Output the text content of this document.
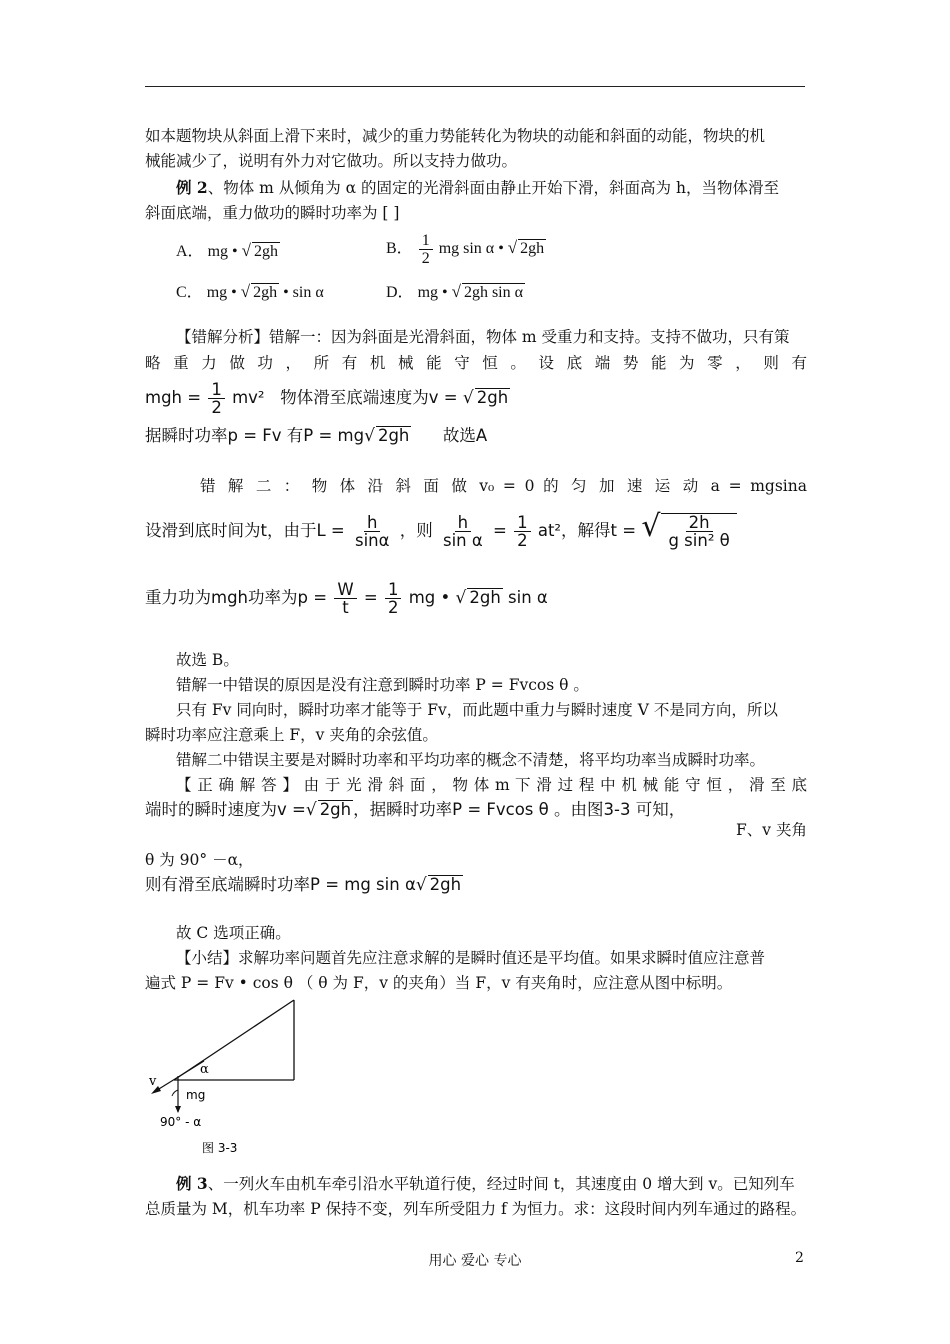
如本题物块从斜面上滑下来时，减少的重力势能转化为物块的动能和斜面的动能，物块的机
械能减少了，说明有外力对它做功。所以支持力做功。
例 2、物体 m 从倾角为 α 的固定的光滑斜面由静止开始下滑，斜面高为 h，当物体滑至
斜面底端，重力做功的瞬时功率为 [ ]
A． mg • √ 2gh	B． $\frac{1}{2}$ mg sin α • √ 2gh
C． mg • √ 2gh • sin α	D． mg • √ 2gh sin α
【错解分析】错解一：因为斜面是光滑斜面，物体 m 受重力和支持。支持不做功，只有策
略 重 力 做 功 ， 所 有 机 械 能 守 恒 。 设 底 端 势 能 为 零 ， 则 有
mgh = $\frac{1}{2} mv^2$ 物体滑至底端速度为v = √ 2gh
据瞬时功率p = Fv 有P = mg√ 2gh 故选A
错 解 二 ： 物 体 沿 斜 面 做 v₀ = 0 的 匀 加 速 运 动 a = mgsina
设滑到底时间为t，由于$L = \frac{h}{\sin\alpha}$ ，则 $\frac{h}{\text{sin α}} = \frac{1}{2} at^2$，解得t = √ $\frac{2h}{\text{g sin² θ}}$
重力功为mgh功率为$p = \frac{W}{t} = \frac{1}{2}$ mg • √ 2gh sin α
故选 B。
错解一中错误的原因是没有注意到瞬时功率 P = Fvcos θ 。
只有 Fv 同向时，瞬时功率才能等于 Fv，而此题中重力与瞬时速度 V 不是同方向，所以
瞬时功率应注意乘上 F，v 夹角的余弦值。
错解二中错误主要是对瞬时功率和平均功率的概念不清楚，将平均功率当成瞬时功率。
【 正 确 解 答 】 由 于 光 滑 斜 面 ， 物 体 m 下 滑 过 程 中 机 械 能 守 恒 ， 滑 至 底
端时的瞬时速度为v =√ 2gh ，据瞬时功率P = Fvcos θ 。由图3-3 可知，
F、v 夹角
θ 为 90° －α，
则有滑至底端瞬时功率P = mg sin α√ 2gh
故 C 选项正确。
【小结】求解功率问题首先应注意求解的是瞬时值还是平均值。如果求瞬时值应注意普
遍式 P = Fv • cos θ （ θ 为 F，v 的夹角）当 F，v 有夹角时，应注意从图中标明。
α
v
mg
90° - α
图 3-3
例 3、一列火车由机车牵引沿水平轨道行使，经过时间 t，其速度由 0 增大到 v。已知列车
总质量为 M，机车功率 P 保持不变，列车所受阻力 f 为恒力。求：这段时间内列车通过的路程。
用心 爱心 专心	2
